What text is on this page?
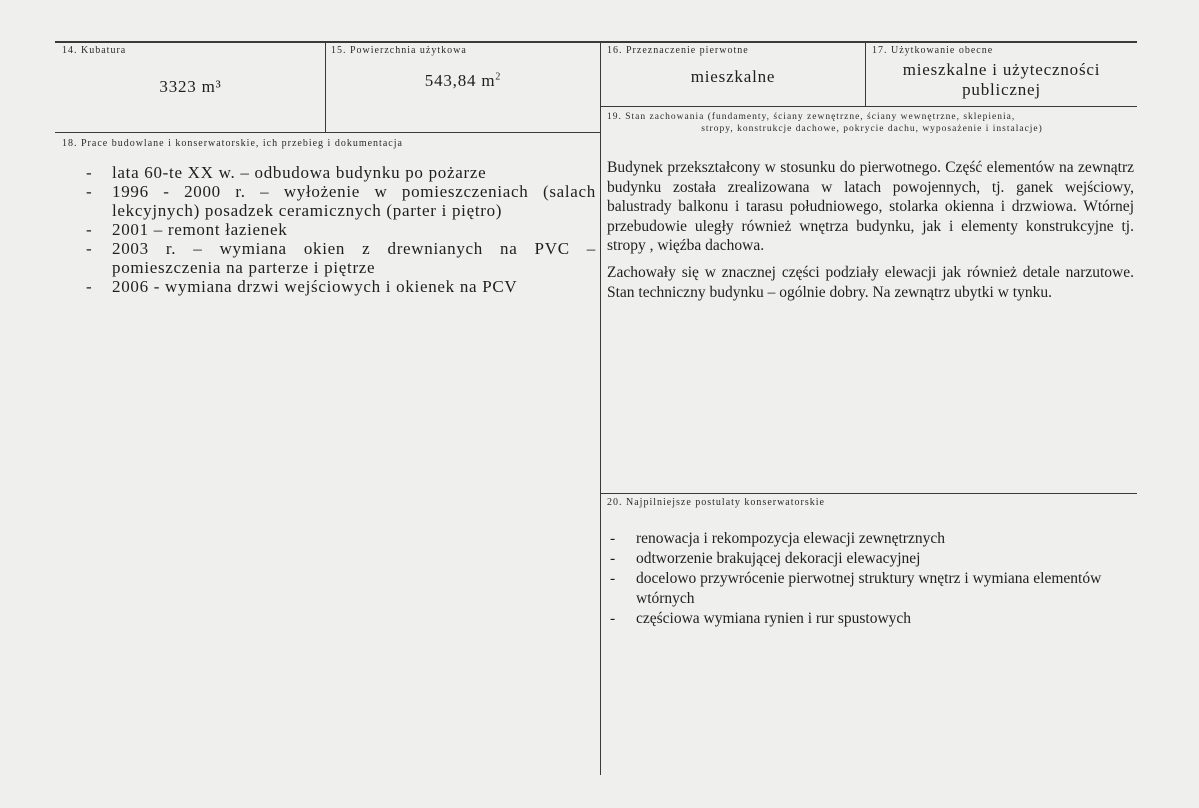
14. Kubatura
3323 m³
15. Powierzchnia użytkowa
543,84 $m^2$
16. Przeznaczenie pierwotne
mieszkalne
17. Użytkowanie obecne
mieszkalne i użyteczności
publicznej
18. Prace budowlane i konserwatorskie, ich przebieg i dokumentacja
- lata 60-te XX w. – odbudowa budynku po pożarze
- 1996 - 2000 r. – wyłożenie w pomieszczeniach (salach lekcyjnych) posadzek ceramicznych (parter i piętro)
- 2001 – remont łazienek
- 2003 r. – wymiana okien z drewnianych na PVC – pomieszczenia na parterze i piętrze
- 2006 - wymiana drzwi wejściowych i okienek na PCV
19. Stan zachowania (fundamenty, ściany zewnętrzne, ściany wewnętrzne, sklepienia,
stropy, konstrukcje dachowe, pokrycie dachu, wyposażenie i instalacje)

Budynek przekształcony w stosunku do pierwotnego. Część elementów na zewnątrz budynku została zrealizowana w latach powojennych, tj. ganek wejściowy, balustrady balkonu i tarasu południowego, stolarka okienna i drzwiowa. Wtórnej przebudowie uległy również wnętrza budynku, jak i elementy konstrukcyjne tj. stropy , więźba dachowa.

Zachowały się w znacznej części podziały elewacji jak również detale narzutowe. Stan techniczny budynku – ogólnie dobry. Na zewnątrz ubytki w tynku.

20. Najpilniejsze postulaty konserwatorskie
- renowacja i rekompozycja elewacji zewnętrznych
- odtworzenie brakującej dekoracji elewacyjnej
- docelowo przywrócenie pierwotnej struktury wnętrz i wymiana elementów wtórnych
- częściowa wymiana rynien i rur spustowych
